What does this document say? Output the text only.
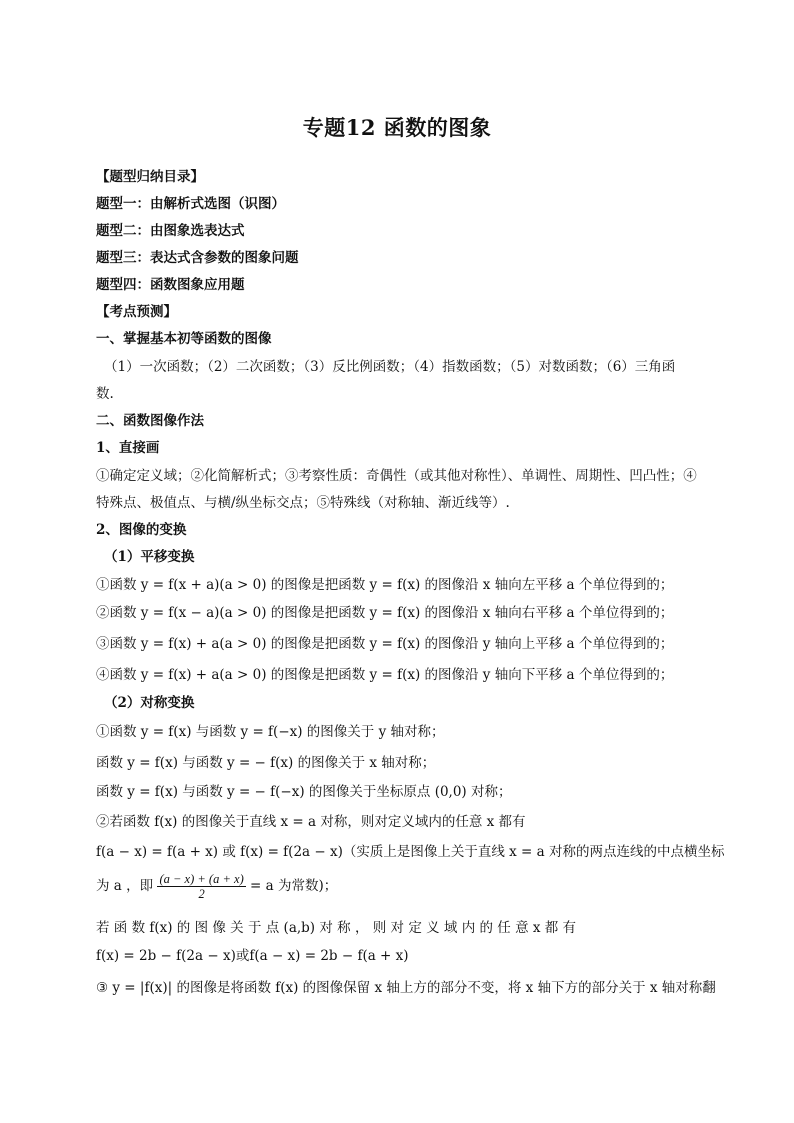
专题12 函数的图象
【题型归纳目录】
题型一：由解析式选图（识图）
题型二：由图象选表达式
题型三：表达式含参数的图象问题
题型四：函数图象应用题
【考点预测】
一、掌握基本初等函数的图像
（1）一次函数；（2）二次函数；（3）反比例函数；（4）指数函数；（5）对数函数；（6）三角函
数.
二、函数图像作法
1、直接画
①确定定义域；②化简解析式；③考察性质：奇偶性（或其他对称性）、单调性、周期性、凹凸性；④
特殊点、极值点、与横/纵坐标交点；⑤特殊线（对称轴、渐近线等）.
2、图像的变换
（1）平移变换
①函数 y = f(x + a)(a > 0) 的图像是把函数 y = f(x) 的图像沿 x 轴向左平移 a 个单位得到的；
②函数 y = f(x − a)(a > 0) 的图像是把函数 y = f(x) 的图像沿 x 轴向右平移 a 个单位得到的；
③函数 y = f(x) + a(a > 0) 的图像是把函数 y = f(x) 的图像沿 y 轴向上平移 a 个单位得到的；
④函数 y = f(x) + a(a > 0) 的图像是把函数 y = f(x) 的图像沿 y 轴向下平移 a 个单位得到的；
（2）对称变换
①函数 y = f(x) 与函数 y = f(−x) 的图像关于 y 轴对称；
函数 y = f(x) 与函数 y = − f(x) 的图像关于 x 轴对称；
函数 y = f(x) 与函数 y = − f(−x) 的图像关于坐标原点 (0,0) 对称；
②若函数 f(x) 的图像关于直线 x = a 对称，则对定义域内的任意 x 都有
f(a − x) = f(a + x) 或 f(x) = f(2a − x)（实质上是图像上关于直线 x = a 对称的两点连线的中点横坐标
为 a ，即 $\frac{(a - x) + (a + x)}{2} = a$ 为常数)；
若 函 数 f(x) 的 图 像 关 于 点 (a,b) 对 称 ， 则 对 定 义 域 内 的 任 意 x 都 有
f(x) = 2b − f(2a − x)或f(a − x) = 2b − f(a + x)
③ y = |f(x)| 的图像是将函数 f(x) 的图像保留 x 轴上方的部分不变，将 x 轴下方的部分关于 x 轴对称翻
